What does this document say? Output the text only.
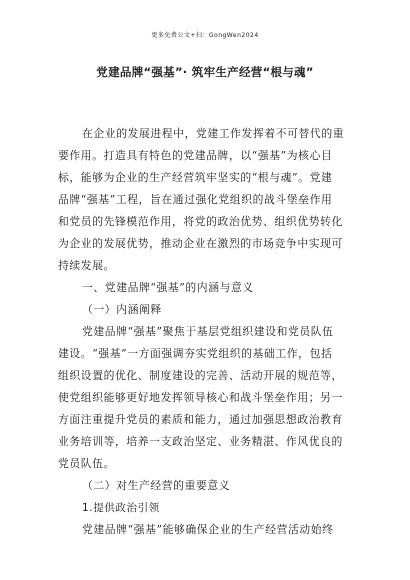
更多免费公文+扫：GongWen2024
党建品牌“强基”· 筑牢生产经营“根与魂”
在企业的发展进程中，党建工作发挥着不可替代的重
要作用。打造具有特色的党建品牌，以“强基”为核心目
标，能够为企业的生产经营筑牢坚实的“根与魂”。党建
品牌“强基”工程，旨在通过强化党组织的战斗堡垒作用
和党员的先锋模范作用，将党的政治优势、组织优势转化
为企业的发展优势，推动企业在激烈的市场竞争中实现可
持续发展。
一、党建品牌“强基”的内涵与意义
（一）内涵阐释
党建品牌“强基”聚焦于基层党组织建设和党员队伍
建设。“强基”一方面强调夯实党组织的基础工作，包括
组织设置的优化、制度建设的完善、活动开展的规范等，
使党组织能够更好地发挥领导核心和战斗堡垒作用；另一
方面注重提升党员的素质和能力，通过加强思想政治教育
业务培训等，培养一支政治坚定、业务精湛、作风优良的
党员队伍。
（二）对生产经营的重要意义
1.提供政治引领
党建品牌“强基”能够确保企业的生产经营活动始终
